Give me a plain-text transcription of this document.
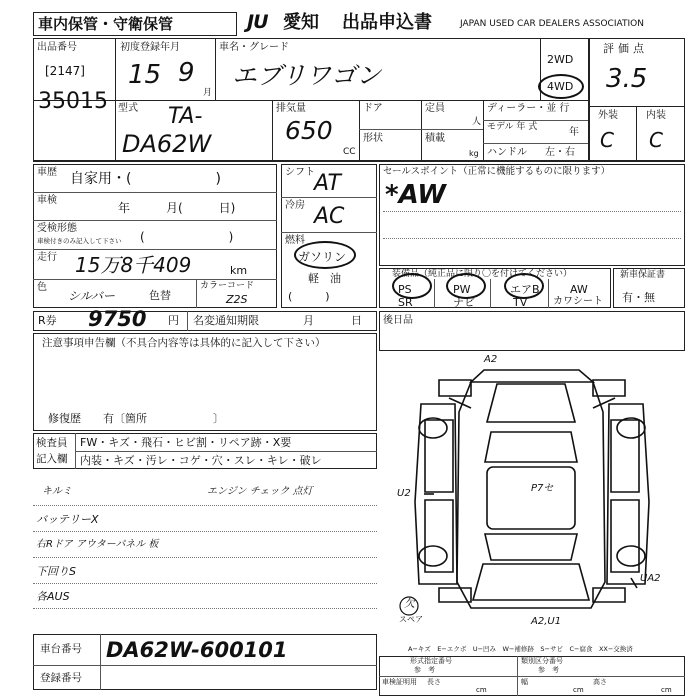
車内保管・守衛保管	JU 愛知 出品申込書	JAPAN USED CAR DEALERS ASSOCIATION
出品番号
[2147]
35015
初度登録年月
15 9
月
車名・グレード
エブリワゴン
2WD
4WD
評価点
3.5
外装	内装
C C
型式 TA-
DA62W
排気量
650
CC
ドア
形状
定員
人
積載
kg
ディーラー・並 行
モデル 年 式	年
ハンドル 左・右
車歴 自家用・(　　　　　　)
車検
年　　　月(　　　日)
受検形態
車検付きのみ記入して下さい (　　　　　　　)
走行 15万8千409	km
色
シルバー	色替
カラーコード
Z2S
シフト AT
冷房 AC
燃料
ガソリン
軽　油
(　　　)
セールスポイント（正常に機能するものに限ります）
*AW
装備品（純正品に限り〇を付けてください）
PS	PW	エアB	AW
SR	ナビ	TV	カワシート
新車保証書
有・無
R券 9750 円 名変通知期限	月	日 後日品
注意事項申告欄（不具合内容等は具体的に記入して下さい）
修復歴　　有〔箇所　　　　　　〕
検査員
記入欄
FW・キズ・飛石・ヒビ割・リペア跡・X要
内装・キズ・汚レ・コゲ・穴・スレ・キレ・破レ
キルミ	エンジン チェック 点灯
バッテリーX
右Rドア アウターパネル 板
下回りS
各AUS
A2
U2	P7セ
A2,U1
UA2
欠
スペア
A−キズ　E−エクボ　U−凹み　W−補修跡　S−サビ　C−腐食　XX−交換済
車台番号 DA62W-600101
登録番号
形式指定番号
参　考
類別区分番号
参　考
車検証明用 長さ
cm
幅
cm
高さ
cm
